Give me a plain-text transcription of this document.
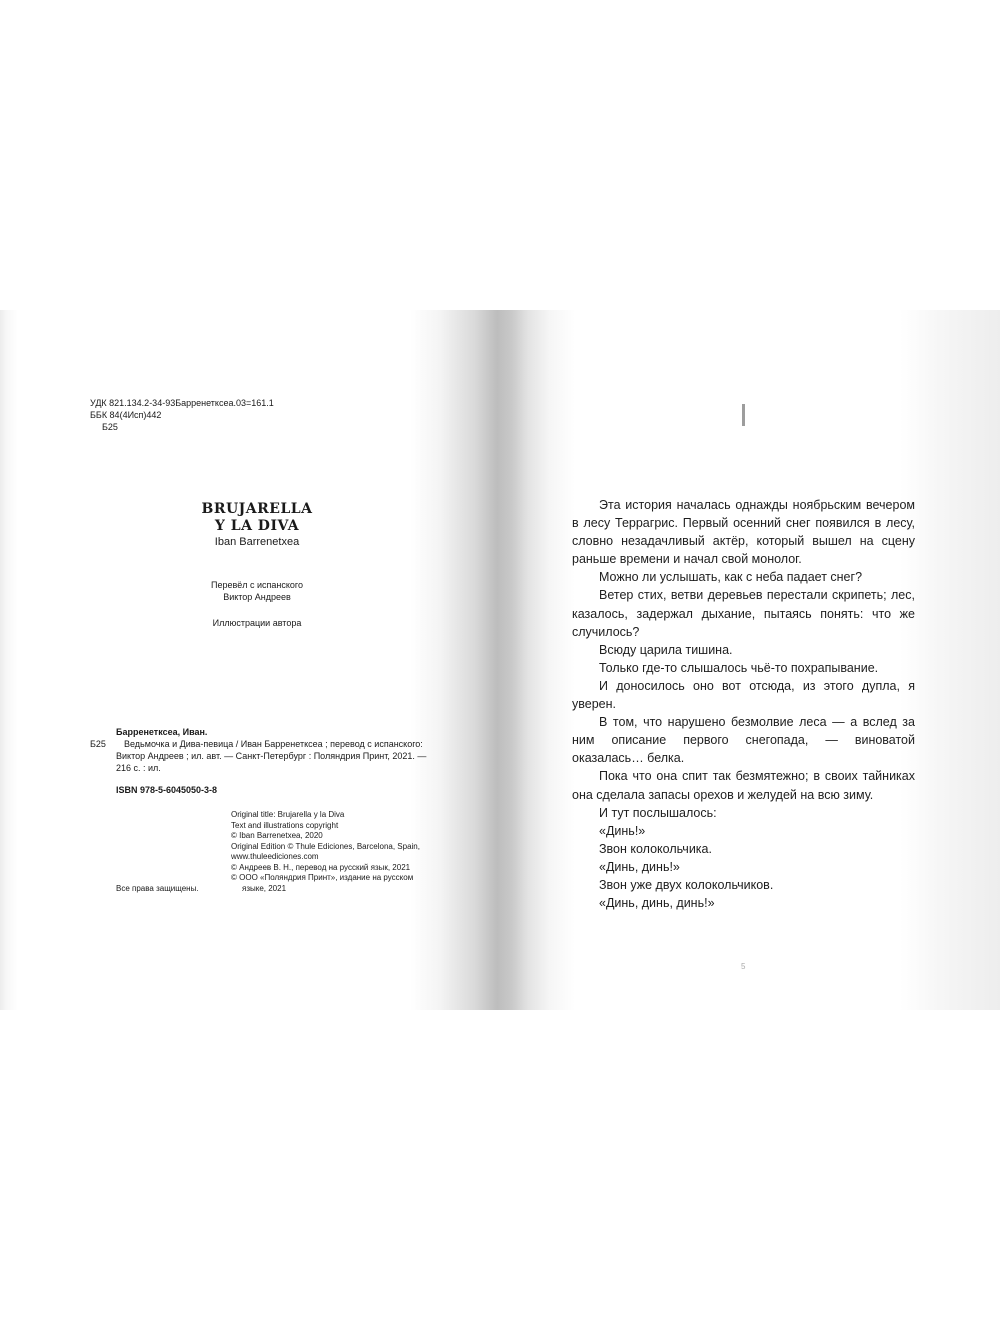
УДК 821.134.2-34-93Барренетксеа.03=161.1
ББК 84(4Исп)442
Б25
BRUJARELLA
Y LA DIVA
Iban Barrenetxea
Перевёл с испанского
Виктор Андреев
Иллюстрации автора
Барренетксеа, Иван.
Б25	Ведьмочка и Дива-певица / Иван Барренетксеа ; перевод с испанского:
Виктор Андреев ; ил. авт. — Санкт-Петербург : Поляндрия Принт, 2021. —
216 с. : ил.
ISBN 978-5-6045050-3-8
Original title: Brujarella y la Diva
Text and illustrations copyright
© Iban Barrenetxea, 2020
Original Edition © Thule Ediciones, Barcelona, Spain,
www.thuleediciones.com
© Андреев В. Н., перевод на русский язык, 2021
© ООО «Поляндрия Принт», издание на русском
языке, 2021
Все права защищены.

Эта история началась однажды ноябрьским вечером в лесу Террагрис. Первый осенний снег появился в лесу, словно незадачливый актёр, который вышел на сцену раньше времени и начал свой монолог.

Можно ли услышать, как с неба падает снег?

Ветер стих, ветви деревьев перестали скрипеть; лес, казалось, задержал дыхание, пытаясь понять: что же случилось?

Всюду царила тишина.

Только где-то слышалось чьё-то похрапывание.

И доносилось оно вот отсюда, из этого дупла, я уверен.

В том, что нарушено безмолвие леса — а вслед за ним описание первого снегопада, — виноватой оказалась… белка.

Пока что она спит так безмятежно; в своих тайниках она сделала запасы орехов и желудей на всю зиму.

И тут послышалось:

«Динь!»

Звон колокольчика.

«Динь, динь!»

Звон уже двух колокольчиков.

«Динь, динь, динь!»

5
